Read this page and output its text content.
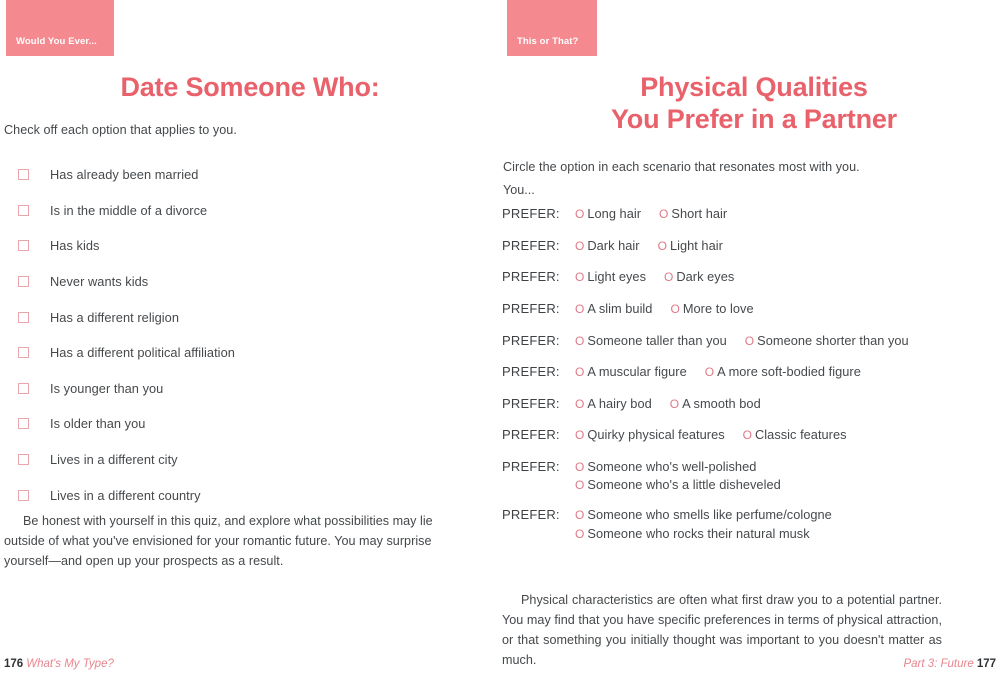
Would You Ever...
Date Someone Who:
Check off each option that applies to you.
Has already been married
Is in the middle of a divorce
Has kids
Never wants kids
Has a different religion
Has a different political affiliation
Is younger than you
Is older than you
Lives in a different city
Lives in a different country
Be honest with yourself in this quiz, and explore what possibilities may lie outside of what you've envisioned for your romantic future. You may surprise yourself—and open up your prospects as a result.
176 What's My Type?
This or That?
Physical Qualities
You Prefer in a Partner
Circle the option in each scenario that resonates most with you.
You...
PREFER:	O Long hair O Short hair
PREFER:	O Dark hair O Light hair
PREFER:	O Light eyes O Dark eyes
PREFER:	O A slim build O More to love
PREFER:	O Someone taller than you O Someone shorter than you
PREFER:	O A muscular figure O A more soft-bodied figure
PREFER:	O A hairy bod O A smooth bod
PREFER:	O Quirky physical features O Classic features
PREFER:	O Someone who's well-polished
O Someone who's a little disheveled
PREFER:	O Someone who smells like perfume/cologne
O Someone who rocks their natural musk
Physical characteristics are often what first draw you to a potential partner. You may find that you have specific preferences in terms of physical attraction, or that something you initially thought was important to you doesn't matter as much.	Part 3: Future 177
